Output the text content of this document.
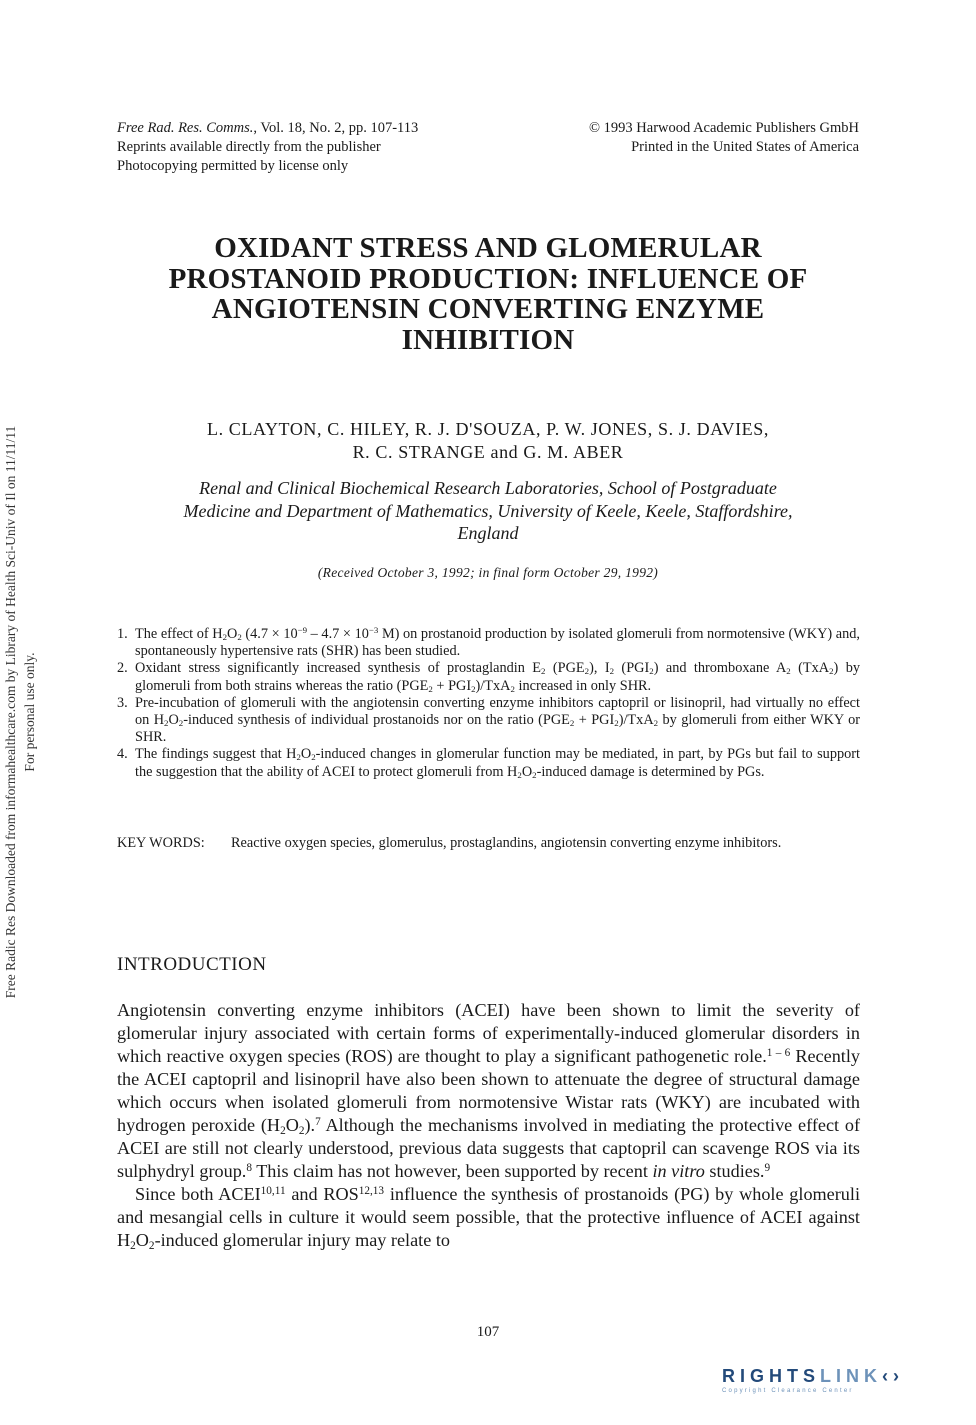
Free Rad. Res. Comms., Vol. 18, No. 2, pp. 107-113
Reprints available directly from the publisher
Photocopying permitted by license only
© 1993 Harwood Academic Publishers GmbH
Printed in the United States of America
OXIDANT STRESS AND GLOMERULAR
PROSTANOID PRODUCTION: INFLUENCE OF
ANGIOTENSIN CONVERTING ENZYME
INHIBITION
L. CLAYTON, C. HILEY, R. J. D'SOUZA, P. W. JONES, S. J. DAVIES,
R. C. STRANGE and G. M. ABER
Renal and Clinical Biochemical Research Laboratories, School of Postgraduate
Medicine and Department of Mathematics, University of Keele, Keele, Staffordshire,
England
(Received October 3, 1992; in final form October 29, 1992)
1. The effect of $H_2O_2$ ($4.7 \times 10^{-9} - 4.7 \times 10^{-3}$ M) on prostanoid production by isolated glomeruli from normotensive (WKY) and, spontaneously hypertensive rats (SHR) has been studied.
2. Oxidant stress significantly increased synthesis of prostaglandin $E_2$ $(PGE_2)$, $I_2$ $(PGI_2)$ and thromboxane $A_2$ (TxA$_2$) by glomeruli from both strains whereas the ratio $(PGE_2 + PGI_2)/TxA_2$ increased in only SHR.
3. Pre-incubation of glomeruli with the angiotensin converting enzyme inhibitors captopril or lisinopril, had virtually no effect on $H_2O_2$-induced synthesis of individual prostanoids nor on the ratio $(PGE_2 + PGI_2)/TxA_2$ by glomeruli from either WKY or SHR.
4. The findings suggest that $H_2O_2$-induced changes in glomerular function may be mediated, in part, by PGs but fail to support the suggestion that the ability of ACEI to protect glomeruli from $H_2O_2$-induced damage is determined by PGs.
KEY WORDS: Reactive oxygen species, glomerulus, prostaglandins, angiotensin converting enzyme inhibitors.
INTRODUCTION

Angiotensin converting enzyme inhibitors (ACEI) have been shown to limit the severity of glomerular injury associated with certain forms of experimentally-induced glomerular disorders in which reactive oxygen species (ROS) are thought to play a significant pathogenetic role.$^{1 - 6}$ Recently the ACEI captopril and lisinopril have also been shown to attenuate the degree of structural damage which occurs when isolated glomeruli from normotensive Wistar rats (WKY) are incubated with hydrogen peroxide $(H_2O_2).^7$ Although the mechanisms involved in mediating the protective effect of ACEI are still not clearly understood, previous data suggests that captopril can scavenge ROS via its sulphydryl group.$^8$ This claim has not however, been supported by recent in vitro studies.$^9$

Since both ACEI$^{10,11}$ and ROS$^{12,13}$ influence the synthesis of prostanoids (PG) by whole glomeruli and mesangial cells in culture it would seem possible, that the protective influence of ACEI against $H_2O_2$-induced glomerular injury may relate to

107
Free Radic Res Downloaded from informahealthcare.com by Library of Health Sci-Univ of Il on 11/11/11 For personal use only.
RIGHTSLINK‹›
Copyright Clearance Center
